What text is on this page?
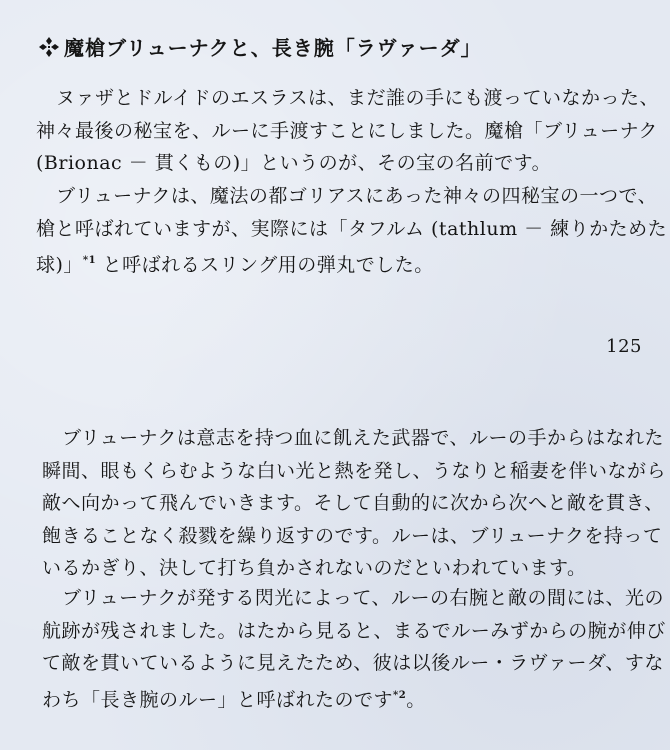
魔槍ブリューナクと、長き腕「ラヴァーダ」
ヌァザとドルイドのエスラスは、まだ誰の手にも渡っていなかった、
神々最後の秘宝を、ルーに手渡すことにしました。魔槍「ブリューナク
(Brionac － 貫くもの)」というのが、その宝の名前です。
ブリューナクは、魔法の都ゴリアスにあった神々の四秘宝の一つで、
槍と呼ばれていますが、実際には「タフルム (tathlum － 練りかためた
球)」$^{*1}$ と呼ばれるスリング用の弾丸でした。
125
ブリューナクは意志を持つ血に飢えた武器で、ルーの手からはなれた
瞬間、眼もくらむような白い光と熱を発し、うなりと稲妻を伴いながら
敵へ向かって飛んでいきます。そして自動的に次から次へと敵を貫き、
飽きることなく殺戮を繰り返すのです。ルーは、ブリューナクを持って
いるかぎり、決して打ち負かされないのだといわれています。
ブリューナクが発する閃光によって、ルーの右腕と敵の間には、光の
航跡が残されました。はたから見ると、まるでルーみずからの腕が伸び
て敵を貫いているように見えたため、彼は以後ルー・ラヴァーダ、すな
わち「長き腕のルー」と呼ばれたのです$^{*2}$。
